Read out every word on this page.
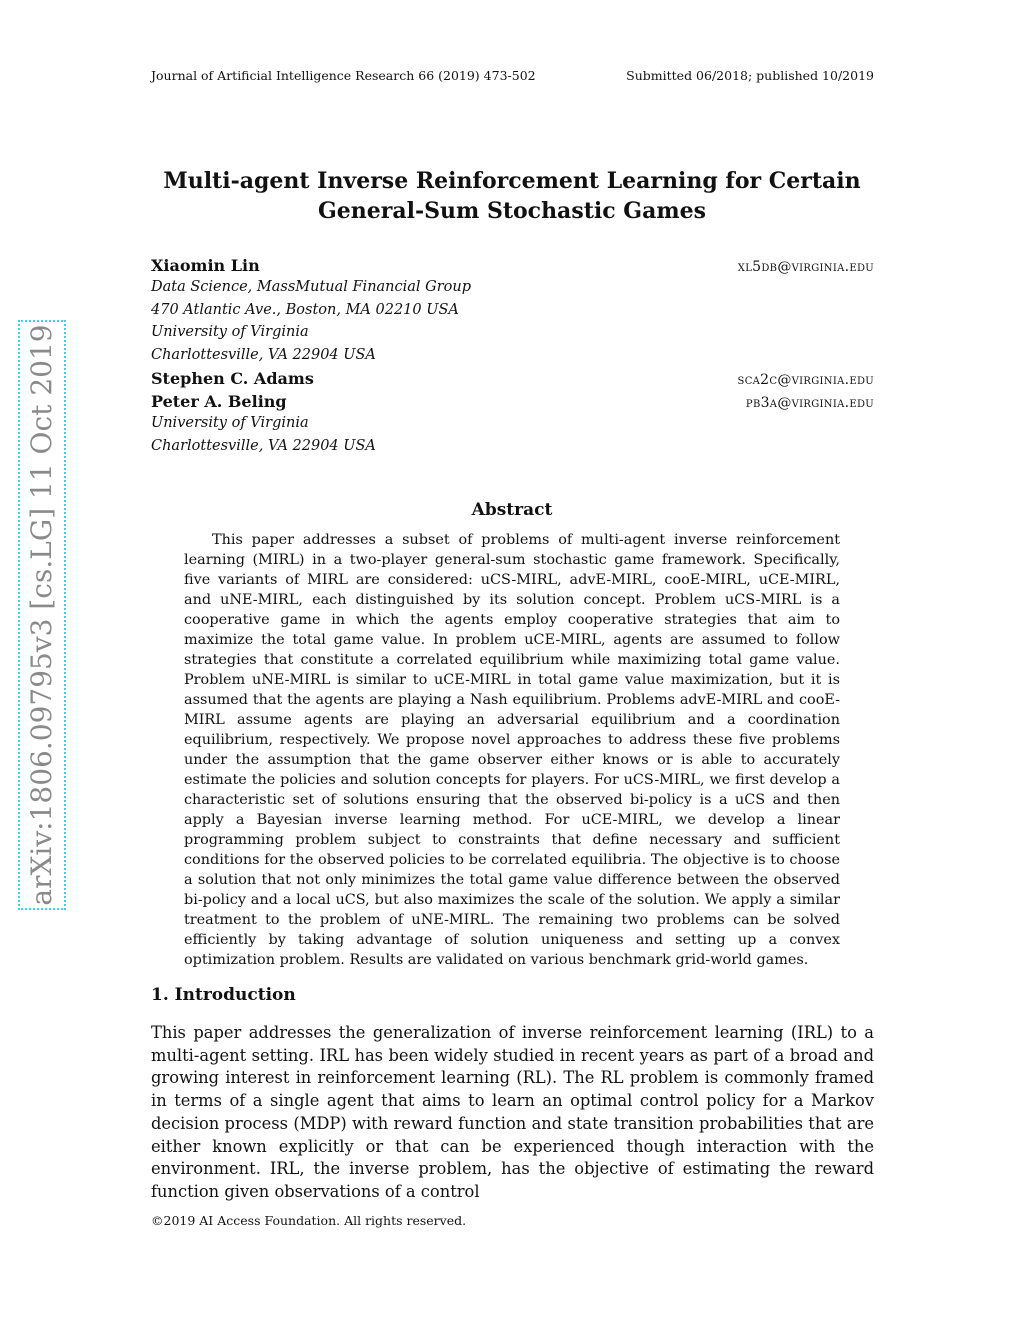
Journal of Artificial Intelligence Research 66 (2019) 473-502	Submitted 06/2018; published 10/2019
Multi-agent Inverse Reinforcement Learning for Certain
General-Sum Stochastic Games
Xiaomin Lin	xl5db@virginia.edu
Data Science, MassMutual Financial Group
470 Atlantic Ave., Boston, MA 02210 USA
University of Virginia
Charlottesville, VA 22904 USA
Stephen C. Adams	sca2c@virginia.edu
Peter A. Beling	pb3a@virginia.edu
University of Virginia
Charlottesville, VA 22904 USA
Abstract

This paper addresses a subset of problems of multi-agent inverse reinforcement learning (MIRL) in a two-player general-sum stochastic game framework. Specifically, five variants of MIRL are considered: uCS-MIRL, advE-MIRL, cooE-MIRL, uCE-MIRL, and uNE-MIRL, each distinguished by its solution concept. Problem uCS-MIRL is a cooperative game in which the agents employ cooperative strategies that aim to maximize the total game value. In problem uCE-MIRL, agents are assumed to follow strategies that constitute a correlated equilibrium while maximizing total game value. Problem uNE-MIRL is similar to uCE-MIRL in total game value maximization, but it is assumed that the agents are playing a Nash equilibrium. Problems advE-MIRL and cooE-MIRL assume agents are playing an adversarial equilibrium and a coordination equilibrium, respectively. We propose novel approaches to address these five problems under the assumption that the game observer either knows or is able to accurately estimate the policies and solution concepts for players. For uCS-MIRL, we first develop a characteristic set of solutions ensuring that the observed bi-policy is a uCS and then apply a Bayesian inverse learning method. For uCE-MIRL, we develop a linear programming problem subject to constraints that define necessary and sufficient conditions for the observed policies to be correlated equilibria. The objective is to choose a solution that not only minimizes the total game value difference between the observed bi-policy and a local uCS, but also maximizes the scale of the solution. We apply a similar treatment to the problem of uNE-MIRL. The remaining two problems can be solved efficiently by taking advantage of solution uniqueness and setting up a convex optimization problem. Results are validated on various benchmark grid-world games.

1. Introduction

This paper addresses the generalization of inverse reinforcement learning (IRL) to a multi-agent setting. IRL has been widely studied in recent years as part of a broad and growing interest in reinforcement learning (RL). The RL problem is commonly framed in terms of a single agent that aims to learn an optimal control policy for a Markov decision process (MDP) with reward function and state transition probabilities that are either known explicitly or that can be experienced though interaction with the environment. IRL, the inverse problem, has the objective of estimating the reward function given observations of a control

©2019 AI Access Foundation. All rights reserved.
arXiv:1806.09795v3 [cs.LG] 11 Oct 2019
